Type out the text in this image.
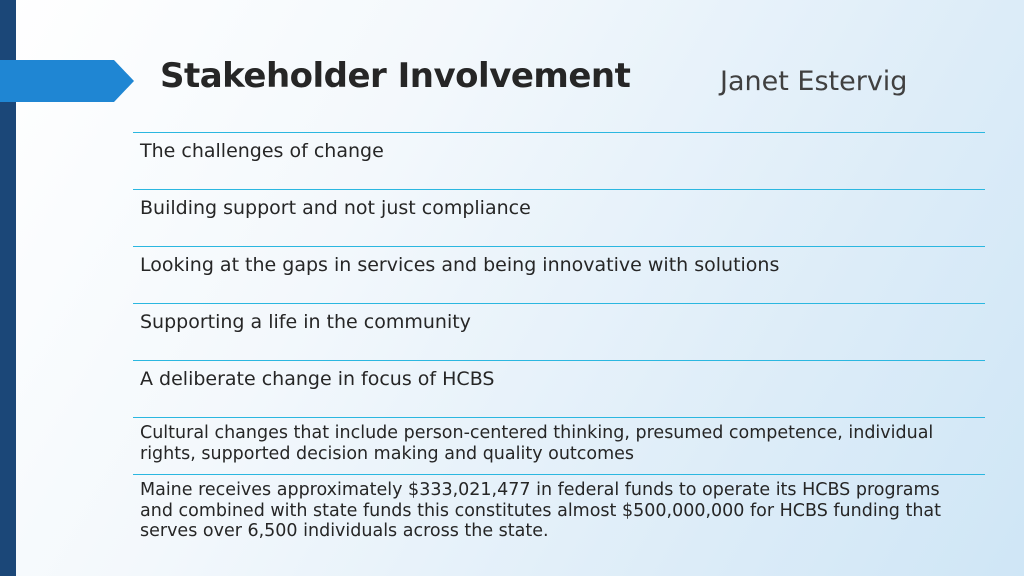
Stakeholder Involvement	Janet Estervig
The challenges of change
Building support and not just compliance
Looking at the gaps in services and being innovative with solutions
Supporting a life in the community
A deliberate change in focus of HCBS
Cultural changes that include person-centered thinking, presumed competence, individual rights, supported decision making and quality outcomes
Maine receives approximately $333,021,477 in federal funds to operate its HCBS programs and combined with state funds this constitutes almost $500,000,000 for HCBS funding that serves over 6,500 individuals across the state.
